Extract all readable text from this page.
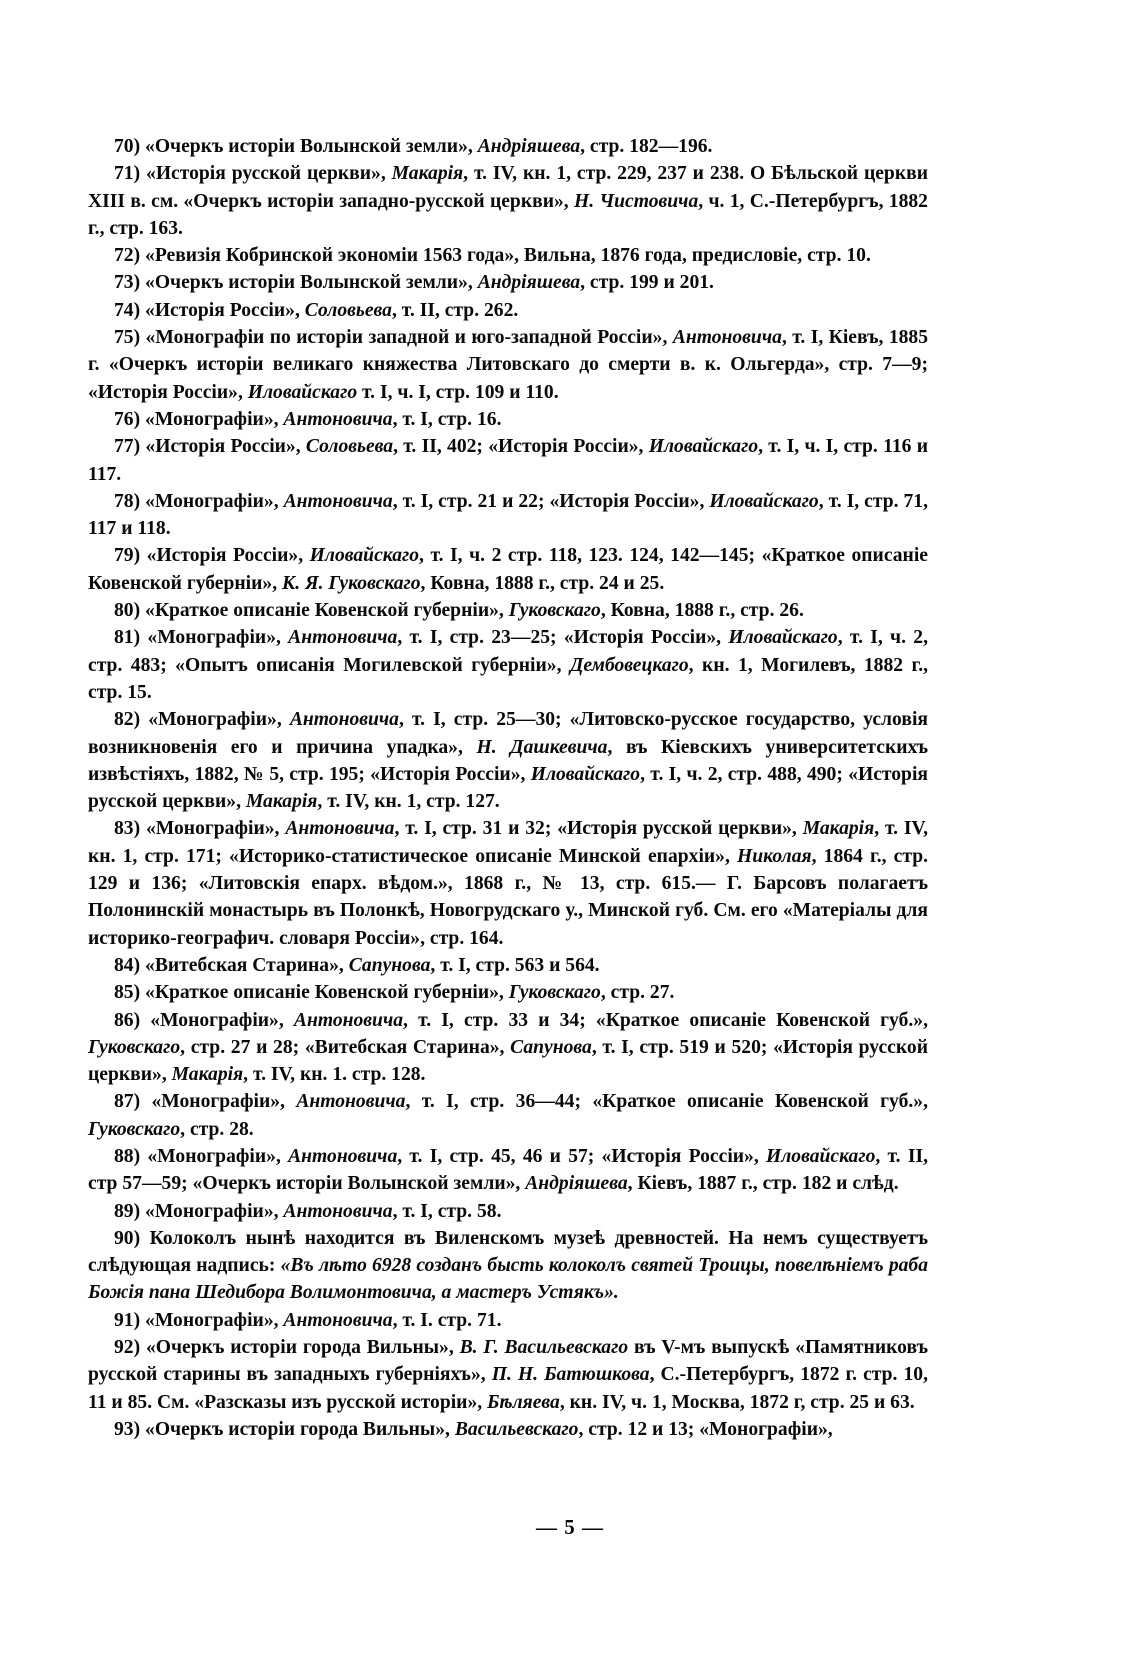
70) «Очеркъ исторіи Волынской земли», Андріяшева, стр. 182—196.

71) «Исторія русской церкви», Макарія, т. IV, кн. 1, стр. 229, 237 и 238. О Бѣльской церкви XIII в. см. «Очеркъ исторіи западно-русской церкви», Н. Чистовича, ч. 1, С.-Петербургъ, 1882 г., стр. 163.

72) «Ревизія Кобринской экономіи 1563 года», Вильна, 1876 года, предисловіе, стр. 10.

73) «Очеркъ исторіи Волынской земли», Андріяшева, стр. 199 и 201.

74) «Исторія Россіи», Соловьева, т. II, стр. 262.

75) «Монографіи по исторіи западной и юго-западной Россіи», Антоновича, т. I, Кіевъ, 1885 г. «Очеркъ исторіи великаго княжества Литовскаго до смерти в. к. Ольгерда», стр. 7—9; «Исторія Россіи», Иловайскаго т. I, ч. I, стр. 109 и 110.

76) «Монографіи», Антоновича, т. I, стр. 16.

77) «Исторія Россіи», Соловьева, т. II, 402; «Исторія Россіи», Иловайскаго, т. I, ч. I, стр. 116 и 117.

78) «Монографіи», Антоновича, т. I, стр. 21 и 22; «Исторія Россіи», Иловайскаго, т. I, стр. 71, 117 и 118.

79) «Исторія Россіи», Иловайскаго, т. I, ч. 2 стр. 118, 123. 124, 142—145; «Краткое описаніе Ковенской губерніи», К. Я. Гуковскаго, Ковна, 1888 г., стр. 24 и 25.

80) «Краткое описаніе Ковенской губерніи», Гуковскаго, Ковна, 1888 г., стр. 26.

81) «Монографіи», Антоновича, т. I, стр. 23—25; «Исторія Россіи», Иловайскаго, т. I, ч. 2, стр. 483; «Опытъ описанія Могилевской губерніи», Дембовецкаго, кн. 1, Могилевъ, 1882 г., стр. 15.

82) «Монографіи», Антоновича, т. I, стр. 25—30; «Литовско-русское государство, условія возникновенія его и причина упадка», Н. Дашкевича, въ Кіевскихъ университетскихъ извѣстіяхъ, 1882, № 5, стр. 195; «Исторія Россіи», Иловайскаго, т. I, ч. 2, стр. 488, 490; «Исторія русской церкви», Макарія, т. IV, кн. 1, стр. 127.

83) «Монографіи», Антоновича, т. I, стр. 31 и 32; «Исторія русской церкви», Макарія, т. IV, кн. 1, стр. 171; «Историко-статистическое описаніе Минской епархіи», Николая, 1864 г., стр. 129 и 136; «Литовскія епарх. вѣдом.», 1868 г., № 13, стр. 615.— Г. Барсовъ полагаетъ Полонинскій монастырь въ Полонкѣ, Новогрудскаго у., Минской губ. См. его «Матеріалы для историко-географич. словаря Россіи», стр. 164.

84) «Витебская Старина», Сапунова, т. I, стр. 563 и 564.

85) «Краткое описаніе Ковенской губерніи», Гуковскаго, стр. 27.

86) «Монографіи», Антоновича, т. I, стр. 33 и 34; «Краткое описаніе Ковенской губ.», Гуковскаго, стр. 27 и 28; «Витебская Старина», Сапунова, т. I, стр. 519 и 520; «Исторія русской церкви», Макарія, т. IV, кн. 1. стр. 128.

87) «Монографіи», Антоновича, т. I, стр. 36—44; «Краткое описаніе Ковенской губ.», Гуковскаго, стр. 28.

88) «Монографіи», Антоновича, т. I, стр. 45, 46 и 57; «Исторія Россіи», Иловайскаго, т. II, стр 57—59; «Очеркъ исторіи Волынской земли», Андріяшева, Кіевъ, 1887 г., стр. 182 и слѣд.

89) «Монографіи», Антоновича, т. I, стр. 58.

90) Колоколъ нынѣ находится въ Виленскомъ музеѣ древностей. На немъ существуетъ слѣдующая надпись: «Въ лѣто 6928 созданъ бысть колоколъ святей Троицы, повелѣніемъ раба Божія пана Шедибора Волимонтовича, а мастеръ Устякъ».

91) «Монографіи», Антоновича, т. I. стр. 71.

92) «Очеркъ исторіи города Вильны», В. Г. Васильевскаго въ V-мъ выпускѣ «Памятниковъ русской старины въ западныхъ губерніяхъ», П. Н. Батюшкова, С.-Петербургъ, 1872 г. стр. 10, 11 и 85. См. «Разсказы изъ русской исторіи», Бѣляева, кн. IV, ч. 1, Москва, 1872 г, стр. 25 и 63.

93) «Очеркъ исторіи города Вильны», Васильевскаго, стр. 12 и 13; «Монографіи»,

— 5 —
